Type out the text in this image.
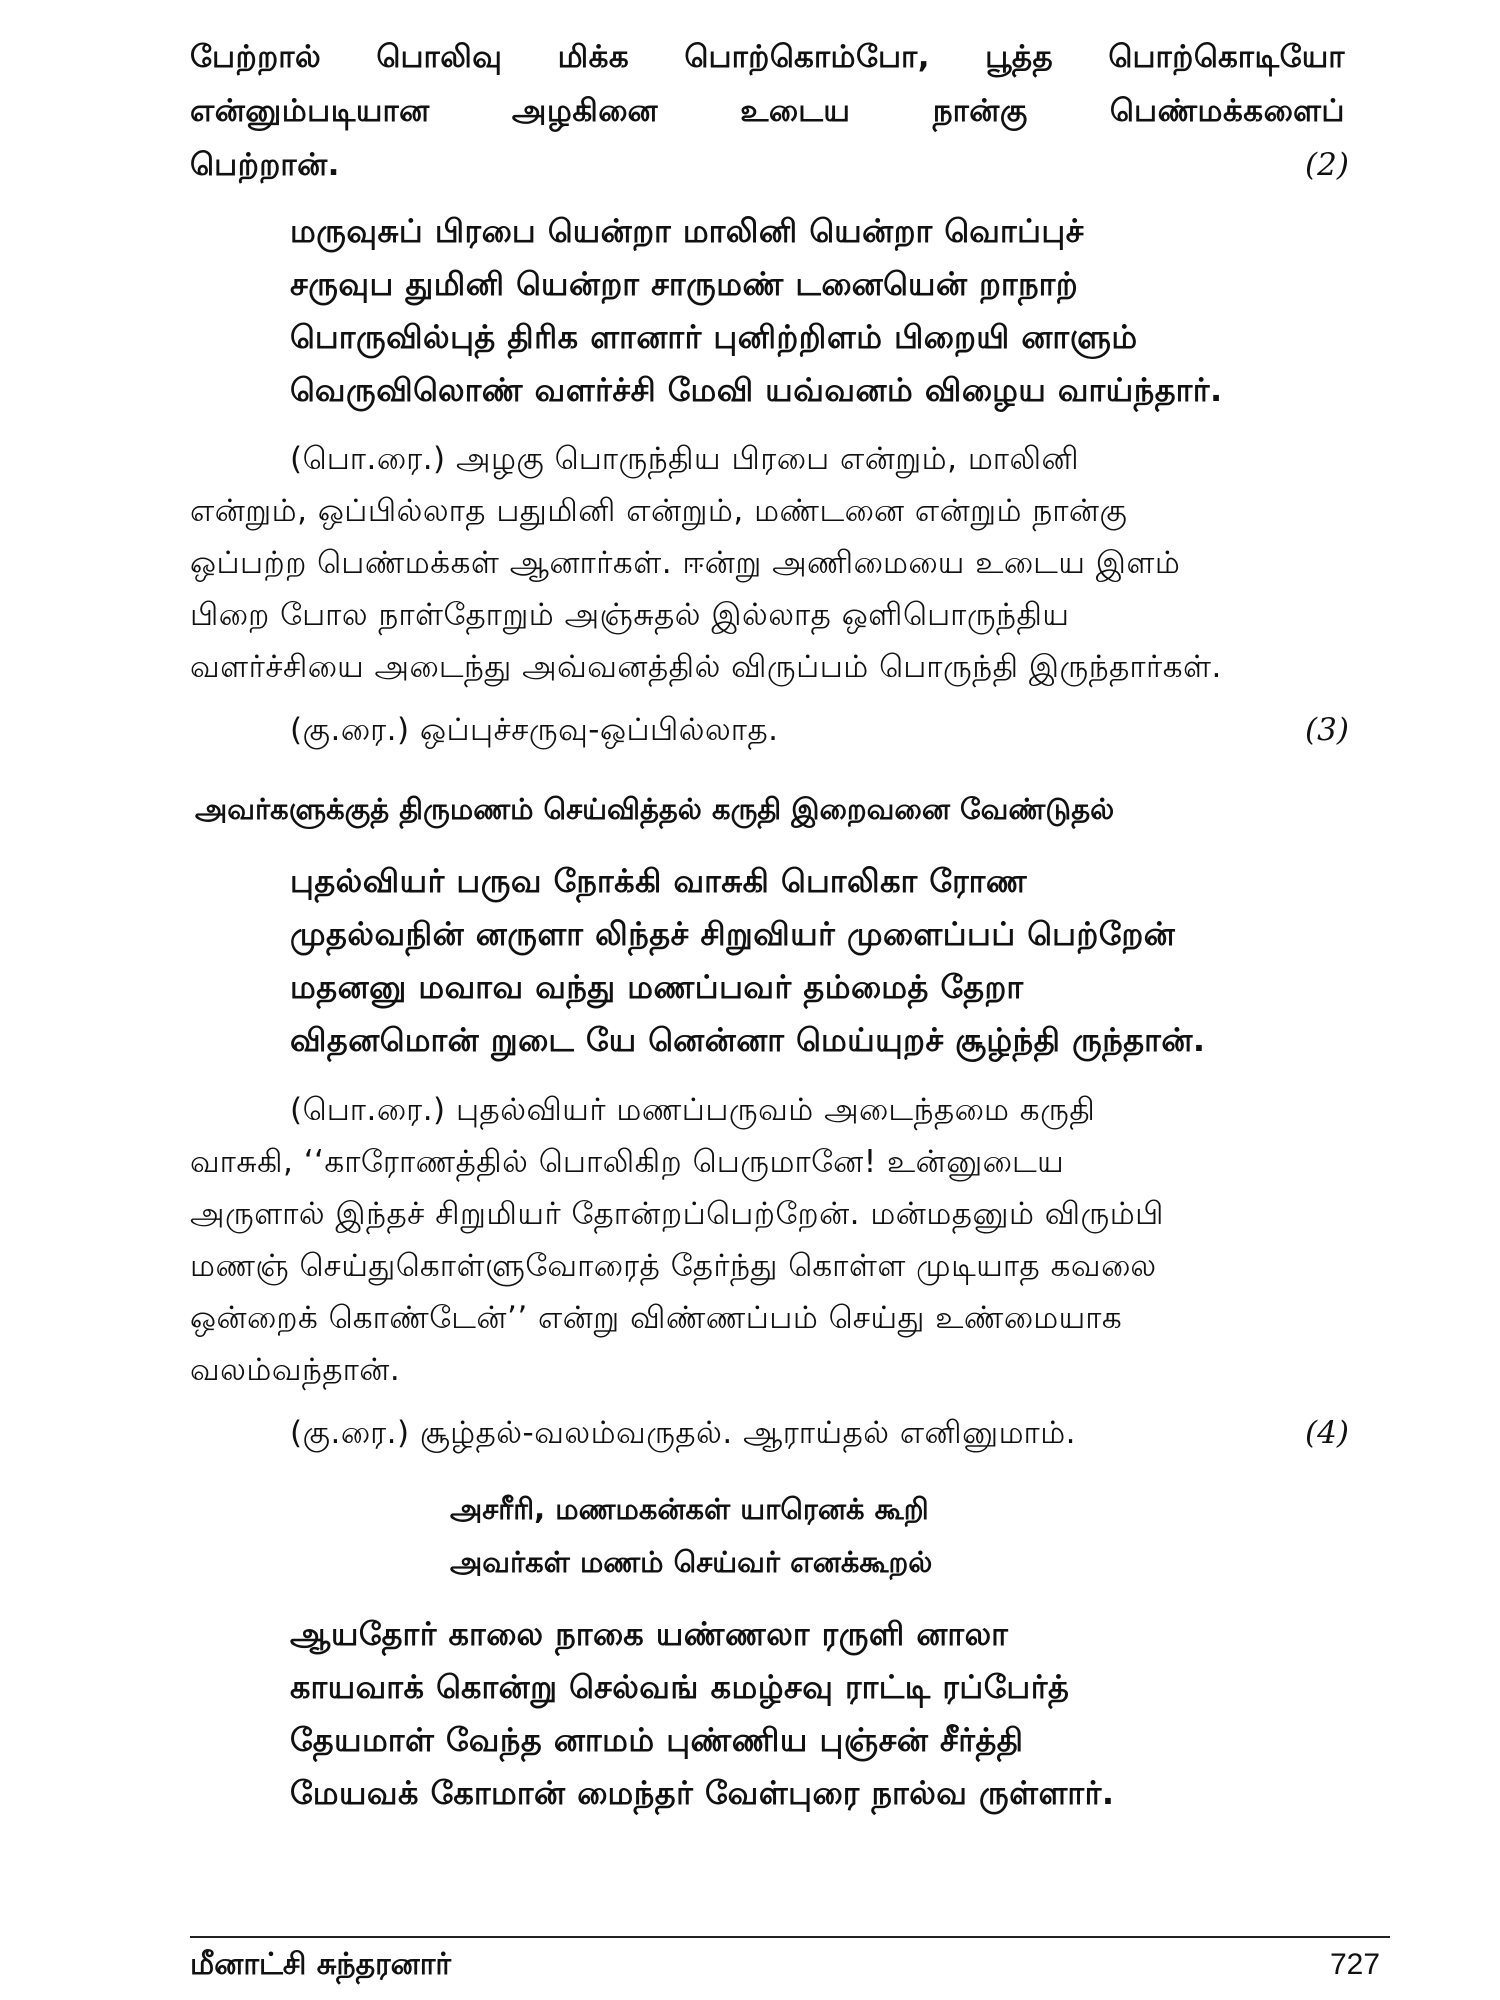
பேற்றால் பொலிவு மிக்க பொற்கொம்போ, பூத்த பொற்கொடியோ
என்னும்படியான	அழகினை	உடைய	நான்கு	பெண்மக்களைப்
பெற்றான்.	(2)
மருவுசுப் பிரபை யென்றா மாலினி யென்றா வொப்புச்
சருவுப துமினி யென்றா சாருமண் டனையென் றாநாற்
பொருவில்புத் திரிக ளானார் புனிற்றிளம் பிறையி னாளும்
வெருவிலொண் வளர்ச்சி மேவி யவ்வனம் விழைய வாய்ந்தார்.
(பொ.ரை.) அழகு பொருந்திய பிரபை என்றும், மாலினி
என்றும், ஒப்பில்லாத பதுமினி என்றும், மண்டனை என்றும் நான்கு
ஒப்பற்ற பெண்மக்கள் ஆனார்கள். ஈன்று அணிமையை உடைய இளம்
பிறை போல நாள்தோறும் அஞ்சுதல் இல்லாத ஒளிபொருந்திய
வளர்ச்சியை அடைந்து அவ்வனத்தில் விருப்பம் பொருந்தி இருந்தார்கள்.
(கு.ரை.) ஒப்புச்சருவு-ஒப்பில்லாத.	(3)
அவர்களுக்குத் திருமணம் செய்வித்தல் கருதி இறைவனை வேண்டுதல்
புதல்வியர் பருவ நோக்கி வாசுகி பொலிகா ரோண
முதல்வநின் னருளா லிந்தச் சிறுவியர் முளைப்பப் பெற்றேன்
மதனனு மவாவ வந்து மணப்பவர் தம்மைத் தேறா
விதனமொன் றுடை யே னென்னா மெய்யுறச் சூழ்ந்தி ருந்தான்.
(பொ.ரை.) புதல்வியர் மணப்பருவம் அடைந்தமை கருதி
வாசுகி, ‘‘காரோணத்தில் பொலிகிற பெருமானே! உன்னுடைய
அருளால் இந்தச் சிறுமியர் தோன்றப்பெற்றேன். மன்மதனும் விரும்பி
மணஞ் செய்துகொள்ளுவோரைத் தேர்ந்து கொள்ள முடியாத கவலை
ஒன்றைக் கொண்டேன்’’ என்று விண்ணப்பம் செய்து உண்மையாக
வலம்வந்தான்.
(கு.ரை.) சூழ்தல்-வலம்வருதல். ஆராய்தல் எனினுமாம்.	(4)
அசரீரி, மணமகன்கள் யாரெனக் கூறி
அவர்கள் மணம் செய்வர் எனக்கூறல்
ஆயதோர் காலை நாகை யண்ணலா ரருளி னாலா
காயவாக் கொன்று செல்வங் கமழ்சவு ராட்டி ரப்பேர்த்
தேயமாள் வேந்த னாமம் புண்ணிய புஞ்சன் சீர்த்தி
மேயவக் கோமான் மைந்தர் வேள்புரை நால்வ ருள்ளார்.
மீனாட்சி சுந்தரனார்	727
